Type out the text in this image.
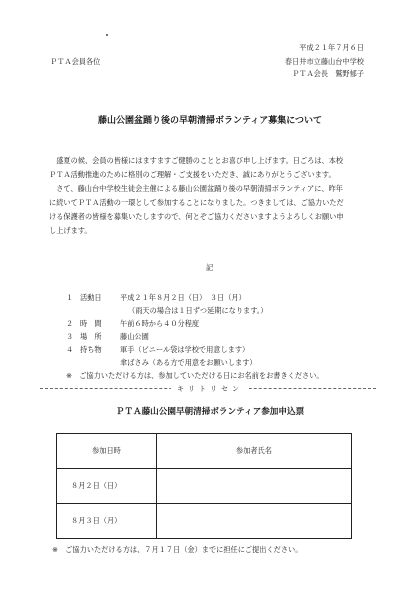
平成２１年７月６日
ＰＴＡ会員各位	春日井市立藤山台中学校
ＰＴＡ会長　鷲野郁子
藤山公園盆踊り後の早朝清掃ボランティア募集について
　盛夏の候、会員の皆様にはますますご健勝のこととお喜び申し上げます。日ごろは、本校
ＰＴＡ活動推進のために格別のご理解・ご支援をいただき、誠にありがとうございます。
　さて、藤山台中学校生徒会主催による藤山公園盆踊り後の早朝清掃ボランティアに、昨年
に続いてＰＴＡ活動の一環として参加することになりました。つきましては、ご協力いただ
ける保護者の皆様を募集いたしますので、何とぞご協力くださいますようよろしくお願い申
し上げます。
記
１ 活動日	平成２１年８月２日（日）　３日（月）
（雨天の場合は１日ずつ延期になります。）
２ 時　間	午前６時から４０分程度
３ 場　所	藤山公園
４ 持ち物	軍手（ビニール袋は学校で用意します）
傘ばさみ（ある方で用意をお願いします）
※　ご協力いただける方は、参加していただける日にお名前をお書きください。
キリトリセン
ＰＴＡ藤山公園早朝清掃ボランティア参加申込票
参加日時	参加者氏名
８月２日（日）	
８月３日（月）	
※　ご協力いただける方は、７月１７日（金）までに担任にご提出ください。
